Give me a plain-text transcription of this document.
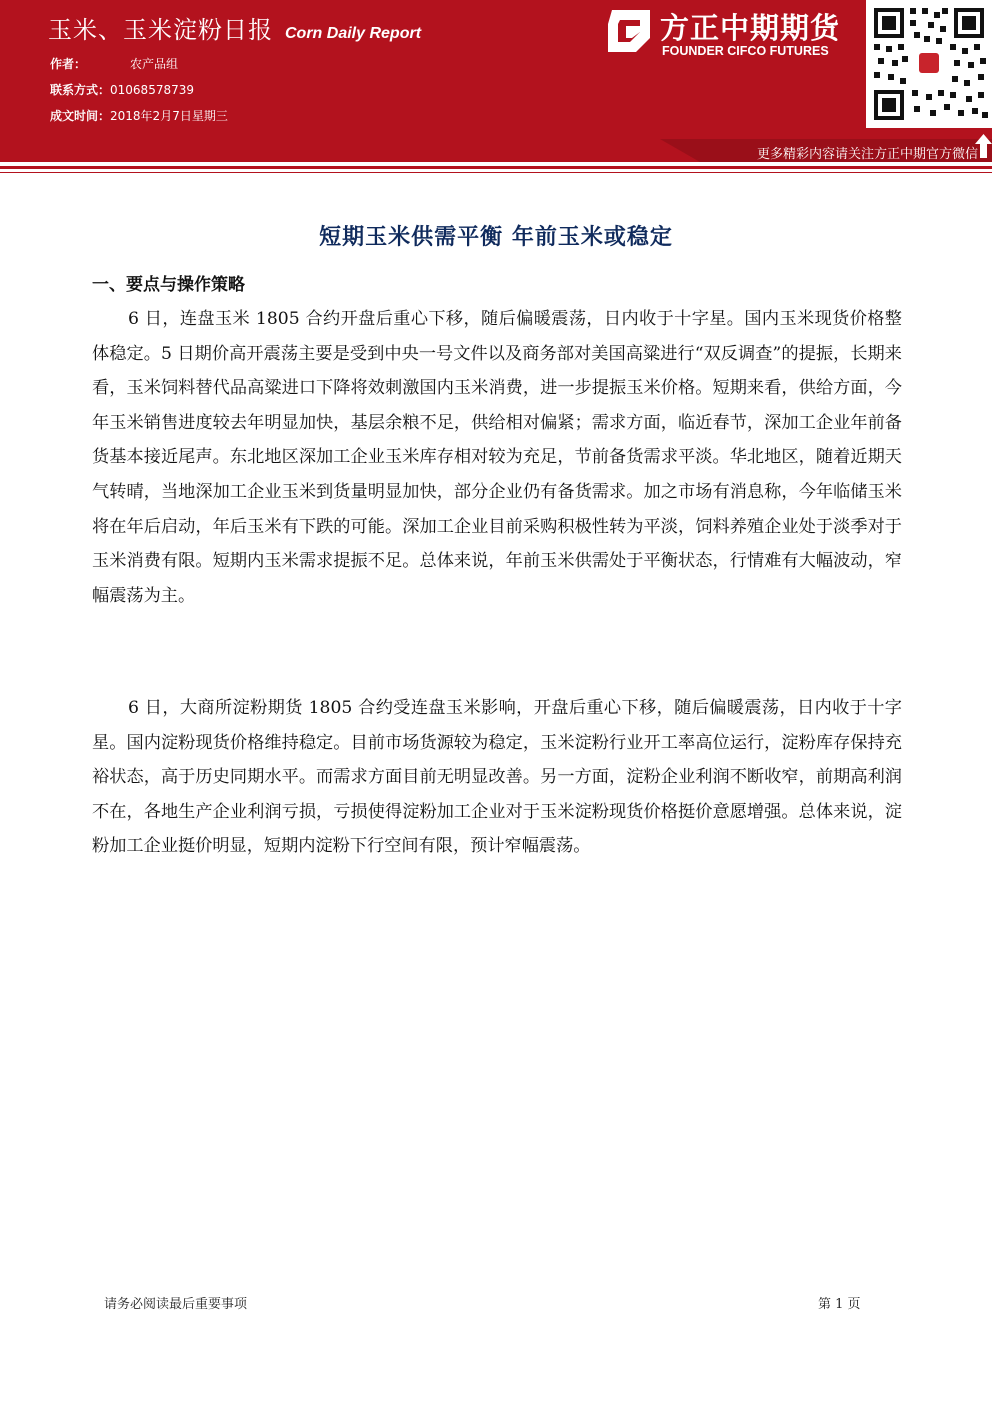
玉米、玉米淀粉日报 Corn Daily Report
作者：	农产品组
联系方式：01068578739
成文时间：2018年2月7日星期三
方正中期期货
FOUNDER CIFCO FUTURES
更多精彩内容请关注方正中期官方微信
短期玉米供需平衡 年前玉米或稳定
一、要点与操作策略
6 日，连盘玉米 1805 合约开盘后重心下移，随后偏暖震荡，日内收于十字星。国内玉米现货价格整体稳定。5 日期价高开震荡主要是受到中央一号文件以及商务部对美国高粱进行“双反调查”的提振，长期来看，玉米饲料替代品高粱进口下降将效刺激国内玉米消费，进一步提振玉米价格。短期来看，供给方面，今年玉米销售进度较去年明显加快，基层余粮不足，供给相对偏紧；需求方面，临近春节，深加工企业年前备货基本接近尾声。东北地区深加工企业玉米库存相对较为充足，节前备货需求平淡。华北地区，随着近期天气转晴，当地深加工企业玉米到货量明显加快，部分企业仍有备货需求。加之市场有消息称，今年临储玉米将在年后启动，年后玉米有下跌的可能。深加工企业目前采购积极性转为平淡，饲料养殖企业处于淡季对于玉米消费有限。短期内玉米需求提振不足。总体来说，年前玉米供需处于平衡状态，行情难有大幅波动，窄幅震荡为主。
6 日，大商所淀粉期货 1805 合约受连盘玉米影响，开盘后重心下移，随后偏暖震荡，日内收于十字星。国内淀粉现货价格维持稳定。目前市场货源较为稳定，玉米淀粉行业开工率高位运行，淀粉库存保持充裕状态，高于历史同期水平。而需求方面目前无明显改善。另一方面，淀粉企业利润不断收窄，前期高利润不在，各地生产企业利润亏损，亏损使得淀粉加工企业对于玉米淀粉现货价格挺价意愿增强。总体来说，淀粉加工企业挺价明显，短期内淀粉下行空间有限，预计窄幅震荡。
请务必阅读最后重要事项	第 1 页
